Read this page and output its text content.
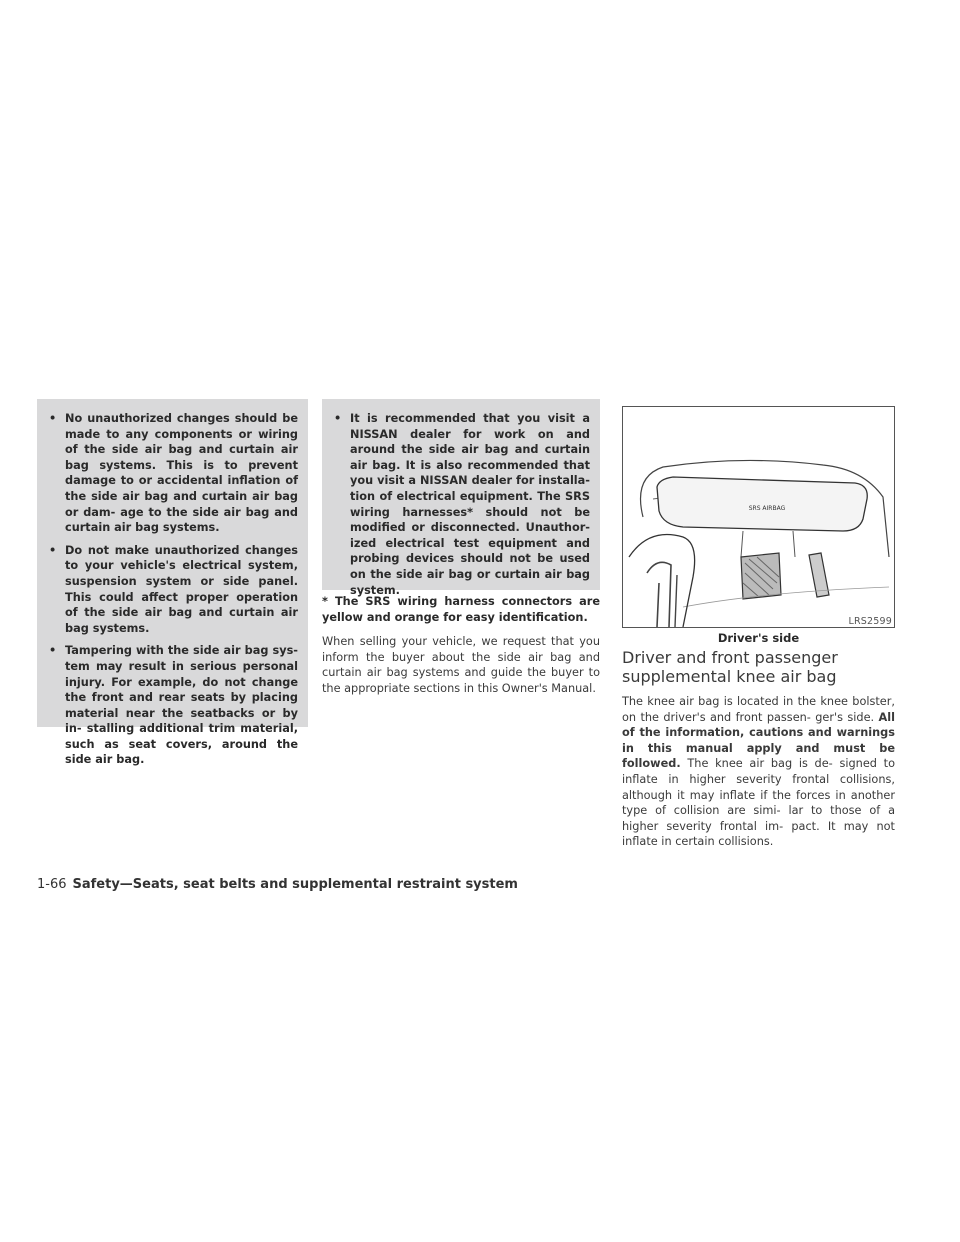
• No unauthorized changes should be made to any components or wiring of the side air bag and curtain air bag systems. This is to prevent damage to or accidental inflation of the side air bag and curtain air bag or dam- age to the side air bag and curtain air bag systems.
• Do not make unauthorized changes to your vehicle's electrical system, suspension system or side panel. This could affect proper operation of the side air bag and curtain air bag systems.
• Tampering with the side air bag sys- tem may result in serious personal injury. For example, do not change the front and rear seats by placing material near the seatbacks or by in- stalling additional trim material, such as seat covers, around the side air bag.
• It is recommended that you visit a NISSAN dealer for work on and around the side air bag and curtain air bag. It is also recommended that you visit a NISSAN dealer for installa- tion of electrical equipment. The SRS wiring harnesses* should not be modified or disconnected. Unauthor- ized electrical test equipment and probing devices should not be used on the side air bag or curtain air bag system.

* The SRS wiring harness connectors are yellow and orange for easy identification.

When selling your vehicle, we request that you inform the buyer about the side air bag and curtain air bag systems and guide the buyer to the appropriate sections in this Owner's Manual.

SRS AIRBAG
LRS2599
Driver's side
Driver and front passenger supplemental knee air bag

The knee air bag is located in the knee bolster, on the driver's and front passen- ger's side. All of the information, cautions and warnings in this manual apply and must be followed. The knee air bag is de- signed to inflate in higher severity frontal collisions, although it may inflate if the forces in another type of collision are simi- lar to those of a higher severity frontal im- pact. It may not inflate in certain collisions.

1-66 Safety—Seats, seat belts and supplemental restraint system
